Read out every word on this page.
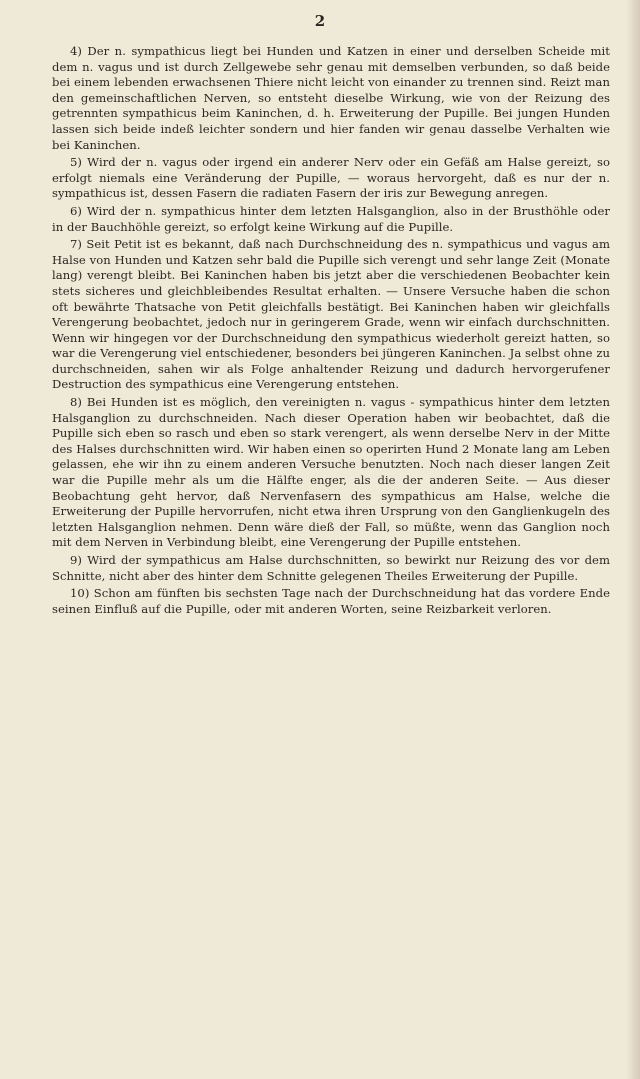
2

4) Der n. sympathicus liegt bei Hunden und Katzen in einer und derselben Scheide mit dem n. vagus und ist durch Zellgewebe sehr genau mit demselben verbunden, so daß beide bei einem lebenden erwachsenen Thiere nicht leicht von einander zu trennen sind. Reizt man den gemeinschaftlichen Nerven, so entsteht dieselbe Wirkung, wie von der Reizung des getrennten sympathicus beim Kaninchen, d. h. Erweiterung der Pupille. Bei jungen Hunden lassen sich beide indeß leichter sondern und hier fanden wir genau dasselbe Verhalten wie bei Kaninchen.

5) Wird der n. vagus oder irgend ein anderer Nerv oder ein Gefäß am Halse gereizt, so erfolgt niemals eine Veränderung der Pupille, — woraus hervorgeht, daß es nur der n. sympathicus ist, dessen Fasern die radiaten Fasern der iris zur Bewegung anregen.

6) Wird der n. sympathicus hinter dem letzten Halsganglion, also in der Brusthöhle oder in der Bauchhöhle gereizt, so erfolgt keine Wirkung auf die Pupille.

7) Seit Petit ist es bekannt, daß nach Durchschneidung des n. sympathicus und vagus am Halse von Hunden und Katzen sehr bald die Pupille sich verengt und sehr lange Zeit (Monate lang) verengt bleibt. Bei Kaninchen haben bis jetzt aber die verschiedenen Beobachter kein stets sicheres und gleichbleibendes Resultat erhalten. — Unsere Versuche haben die schon oft bewährte Thatsache von Petit gleichfalls bestätigt. Bei Kaninchen haben wir gleichfalls Verengerung beobachtet, jedoch nur in geringerem Grade, wenn wir einfach durchschnitten. Wenn wir hingegen vor der Durchschneidung den sympathicus wiederholt gereizt hatten, so war die Verengerung viel entschiedener, besonders bei jüngeren Kaninchen. Ja selbst ohne zu durchschneiden, sahen wir als Folge anhaltender Reizung und dadurch hervorgerufener Destruction des sympathicus eine Verengerung entstehen.

8) Bei Hunden ist es möglich, den vereinigten n. vagus - sympathicus hinter dem letzten Halsganglion zu durchschneiden. Nach dieser Operation haben wir beobachtet, daß die Pupille sich eben so rasch und eben so stark verengert, als wenn derselbe Nerv in der Mitte des Halses durchschnitten wird. Wir haben einen so operirten Hund 2 Monate lang am Leben gelassen, ehe wir ihn zu einem anderen Versuche benutzten. Noch nach dieser langen Zeit war die Pupille mehr als um die Hälfte enger, als die der anderen Seite. — Aus dieser Beobachtung geht hervor, daß Nervenfasern des sympathicus am Halse, welche die Erweiterung der Pupille hervorrufen, nicht etwa ihren Ursprung von den Ganglienkugeln des letzten Halsganglion nehmen. Denn wäre dieß der Fall, so müßte, wenn das Ganglion noch mit dem Nerven in Verbindung bleibt, eine Verengerung der Pupille entstehen.

9) Wird der sympathicus am Halse durchschnitten, so bewirkt nur Reizung des vor dem Schnitte, nicht aber des hinter dem Schnitte gelegenen Theiles Erweiterung der Pupille.

10) Schon am fünften bis sechsten Tage nach der Durchschneidung hat das vordere Ende seinen Einfluß auf die Pupille, oder mit anderen Worten, seine Reizbarkeit verloren.
